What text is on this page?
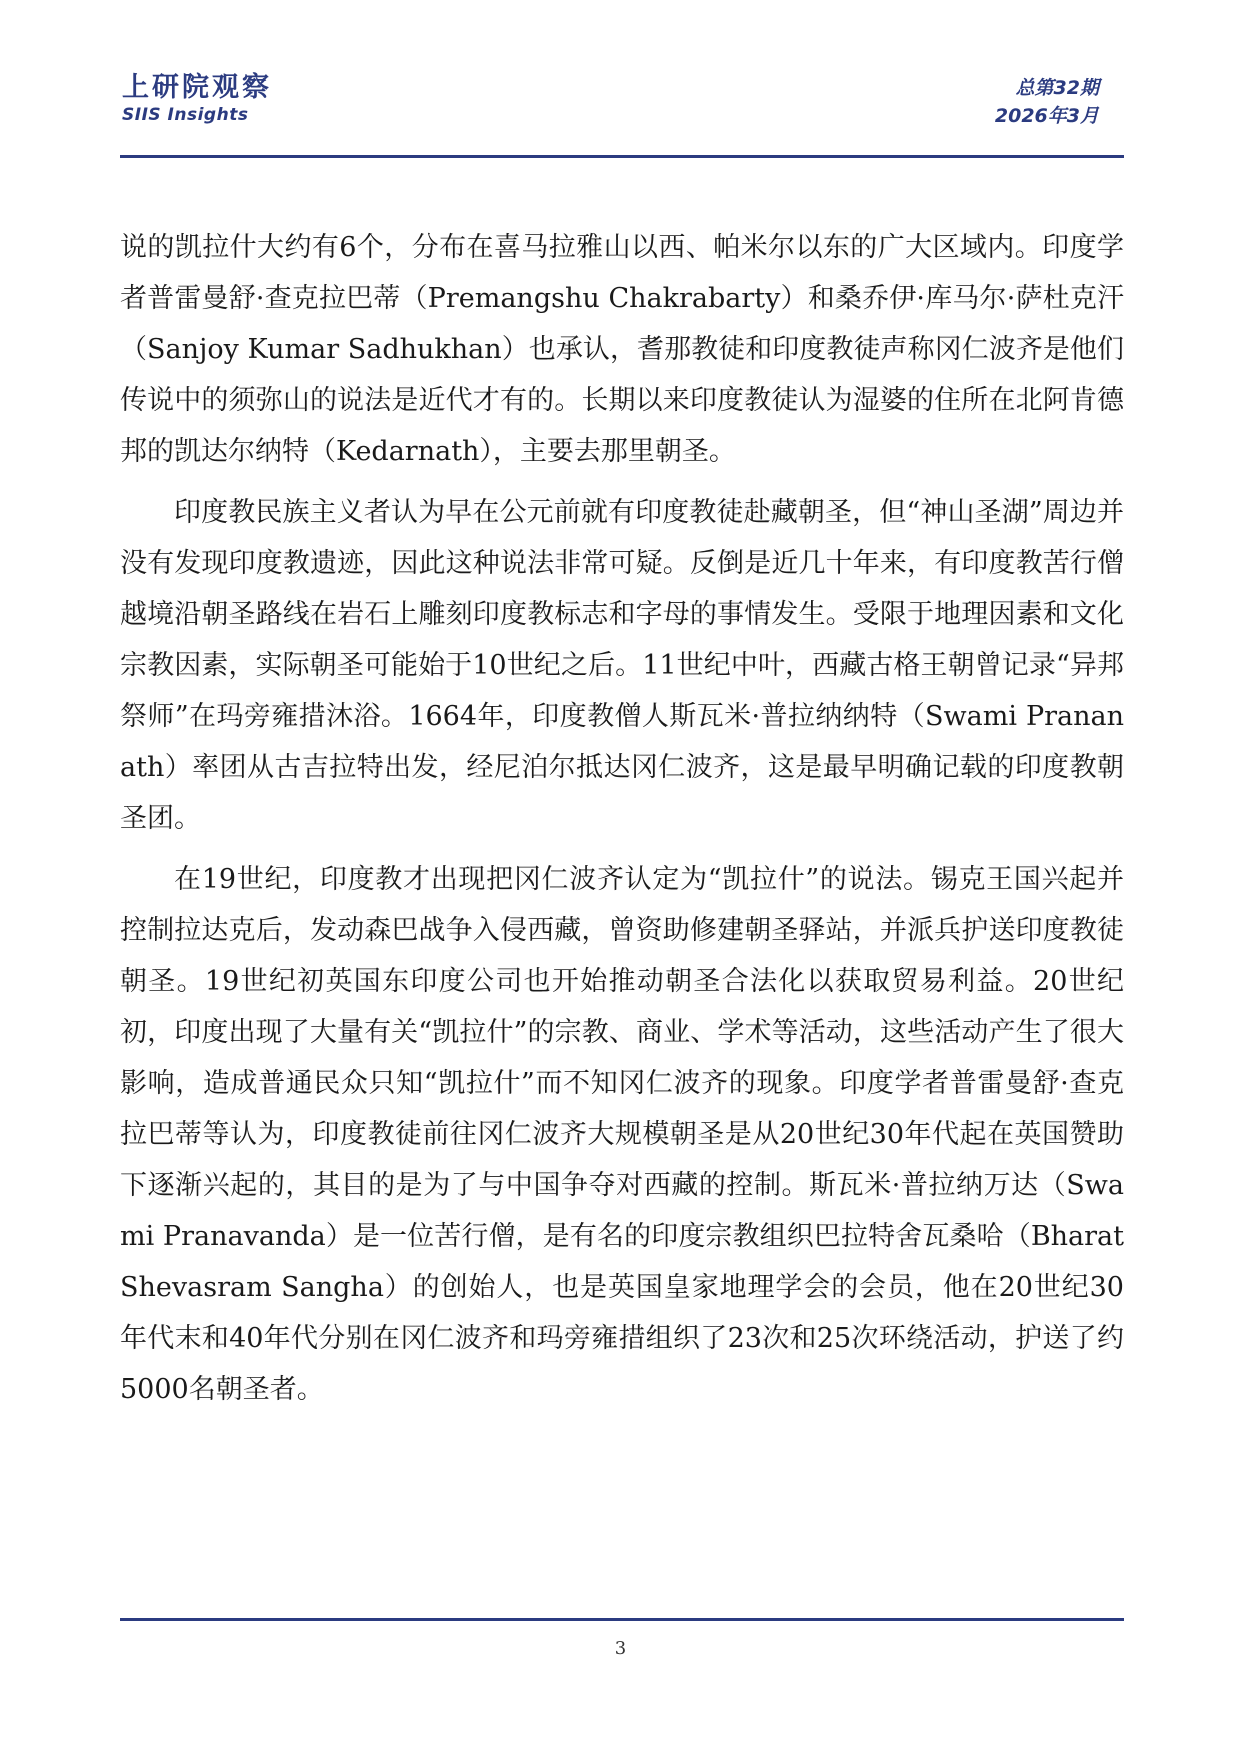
上研院观察
SIIS Insights
总第32期
2026年3月

说的凯拉什大约有6个，分布在喜马拉雅山以西、帕米尔以东的广大区域内。印度学者普雷曼舒·查克拉巴蒂（Premangshu Chakrabarty）和桑乔伊·库马尔·萨杜克汗（Sanjoy Kumar Sadhukhan）也承认，耆那教徒和印度教徒声称冈仁波齐是他们传说中的须弥山的说法是近代才有的。长期以来印度教徒认为湿婆的住所在北阿肯德邦的凯达尔纳特（Kedarnath），主要去那里朝圣。

印度教民族主义者认为早在公元前就有印度教徒赴藏朝圣，但“神山圣湖”周边并没有发现印度教遗迹，因此这种说法非常可疑。反倒是近几十年来，有印度教苦行僧越境沿朝圣路线在岩石上雕刻印度教标志和字母的事情发生。受限于地理因素和文化宗教因素，实际朝圣可能始于10世纪之后。11世纪中叶，西藏古格王朝曾记录“异邦祭师”在玛旁雍措沐浴。1664年，印度教僧人斯瓦米·普拉纳纳特（Swami Prananath）率团从古吉拉特出发，经尼泊尔抵达冈仁波齐，这是最早明确记载的印度教朝圣团。

在19世纪，印度教才出现把冈仁波齐认定为“凯拉什”的说法。锡克王国兴起并控制拉达克后，发动森巴战争入侵西藏，曾资助修建朝圣驿站，并派兵护送印度教徒朝圣。19世纪初英国东印度公司也开始推动朝圣合法化以获取贸易利益。20世纪初，印度出现了大量有关“凯拉什”的宗教、商业、学术等活动，这些活动产生了很大影响，造成普通民众只知“凯拉什”而不知冈仁波齐的现象。印度学者普雷曼舒·查克拉巴蒂等认为，印度教徒前往冈仁波齐大规模朝圣是从20世纪30年代起在英国赞助下逐渐兴起的，其目的是为了与中国争夺对西藏的控制。斯瓦米·普拉纳万达（Swami Pranavanda）是一位苦行僧，是有名的印度宗教组织巴拉特舍瓦桑哈（Bharat Shevasram Sangha）的创始人，也是英国皇家地理学会的会员，他在20世纪30年代末和40年代分别在冈仁波齐和玛旁雍措组织了23次和25次环绕活动，护送了约5000名朝圣者。

3
